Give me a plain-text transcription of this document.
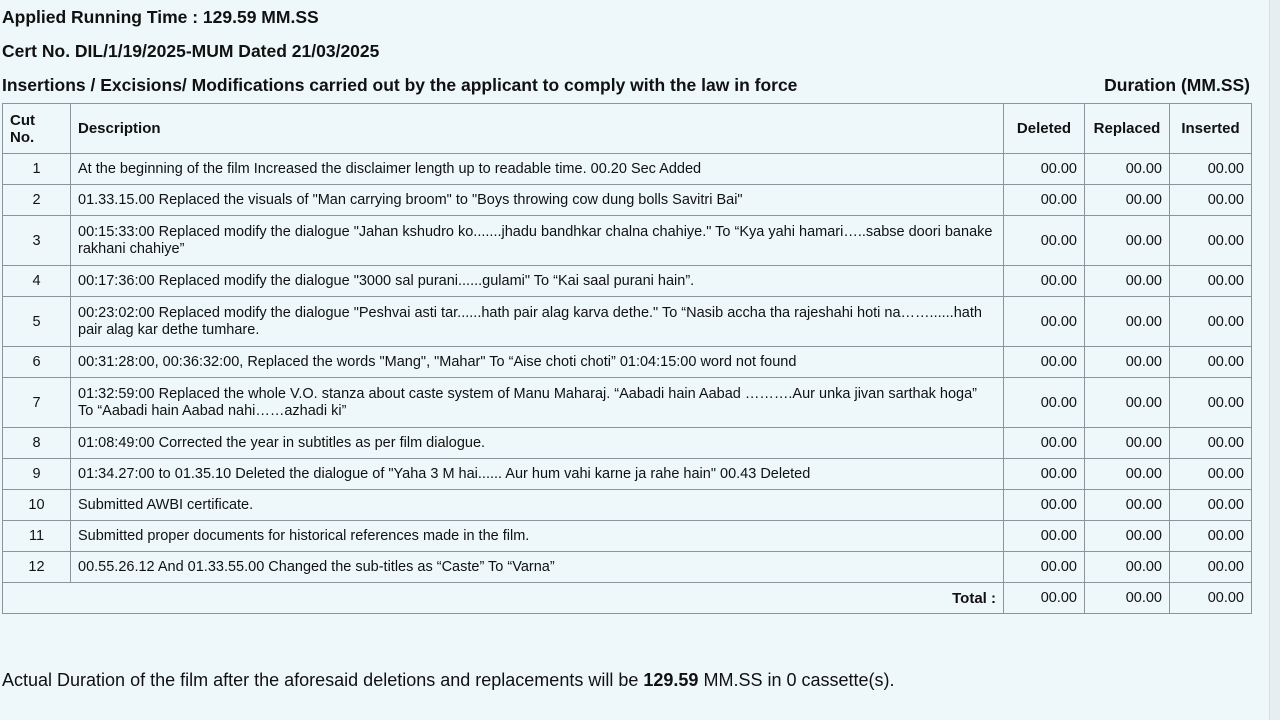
Applied Running Time : 129.59 MM.SS
Cert No. DIL/1/19/2025-MUM Dated 21/03/2025
Insertions / Excisions/ Modifications carried out by the applicant to comply with the law in force	Duration (MM.SS)
Cut No.	Description	Deleted	Replaced	Inserted
1	At the beginning of the film Increased the disclaimer length up to readable time. 00.20 Sec Added	00.00	00.00	00.00
2	01.33.15.00 Replaced the visuals of "Man carrying broom" to "Boys throwing cow dung bolls Savitri Bai"	00.00	00.00	00.00
3	00:15:33:00 Replaced modify the dialogue "Jahan kshudro ko.......jhadu bandhkar chalna chahiye." To “Kya yahi hamari…..sabse doori banake rakhani chahiye”	00.00	00.00	00.00
4	00:17:36:00 Replaced modify the dialogue "3000 sal purani......gulami" To “Kai saal purani hain”.	00.00	00.00	00.00
5	00:23:02:00 Replaced modify the dialogue "Peshvai asti tar......hath pair alag karva dethe." To “Nasib accha tha rajeshahi hoti na……......hath pair alag kar dethe tumhare.	00.00	00.00	00.00
6	00:31:28:00, 00:36:32:00, Replaced the words "Mang", "Mahar" To “Aise choti choti” 01:04:15:00 word not found	00.00	00.00	00.00
7	01:32:59:00 Replaced the whole V.O. stanza about caste system of Manu Maharaj. “Aabadi hain Aabad ……….Aur unka jivan sarthak hoga” To “Aabadi hain Aabad nahi……azhadi ki”	00.00	00.00	00.00
8	01:08:49:00 Corrected the year in subtitles as per film dialogue.	00.00	00.00	00.00
9	01:34.27:00 to 01.35.10 Deleted the dialogue of "Yaha 3 M hai...... Aur hum vahi karne ja rahe hain" 00.43 Deleted	00.00	00.00	00.00
10	Submitted AWBI certificate.	00.00	00.00	00.00
11	Submitted proper documents for historical references made in the film.	00.00	00.00	00.00
12	00.55.26.12 And 01.33.55.00 Changed the sub-titles as “Caste” To “Varna”	00.00	00.00	00.00
Total :		00.00	00.00	00.00
Actual Duration of the film after the aforesaid deletions and replacements will be 129.59 MM.SS in 0 cassette(s).
